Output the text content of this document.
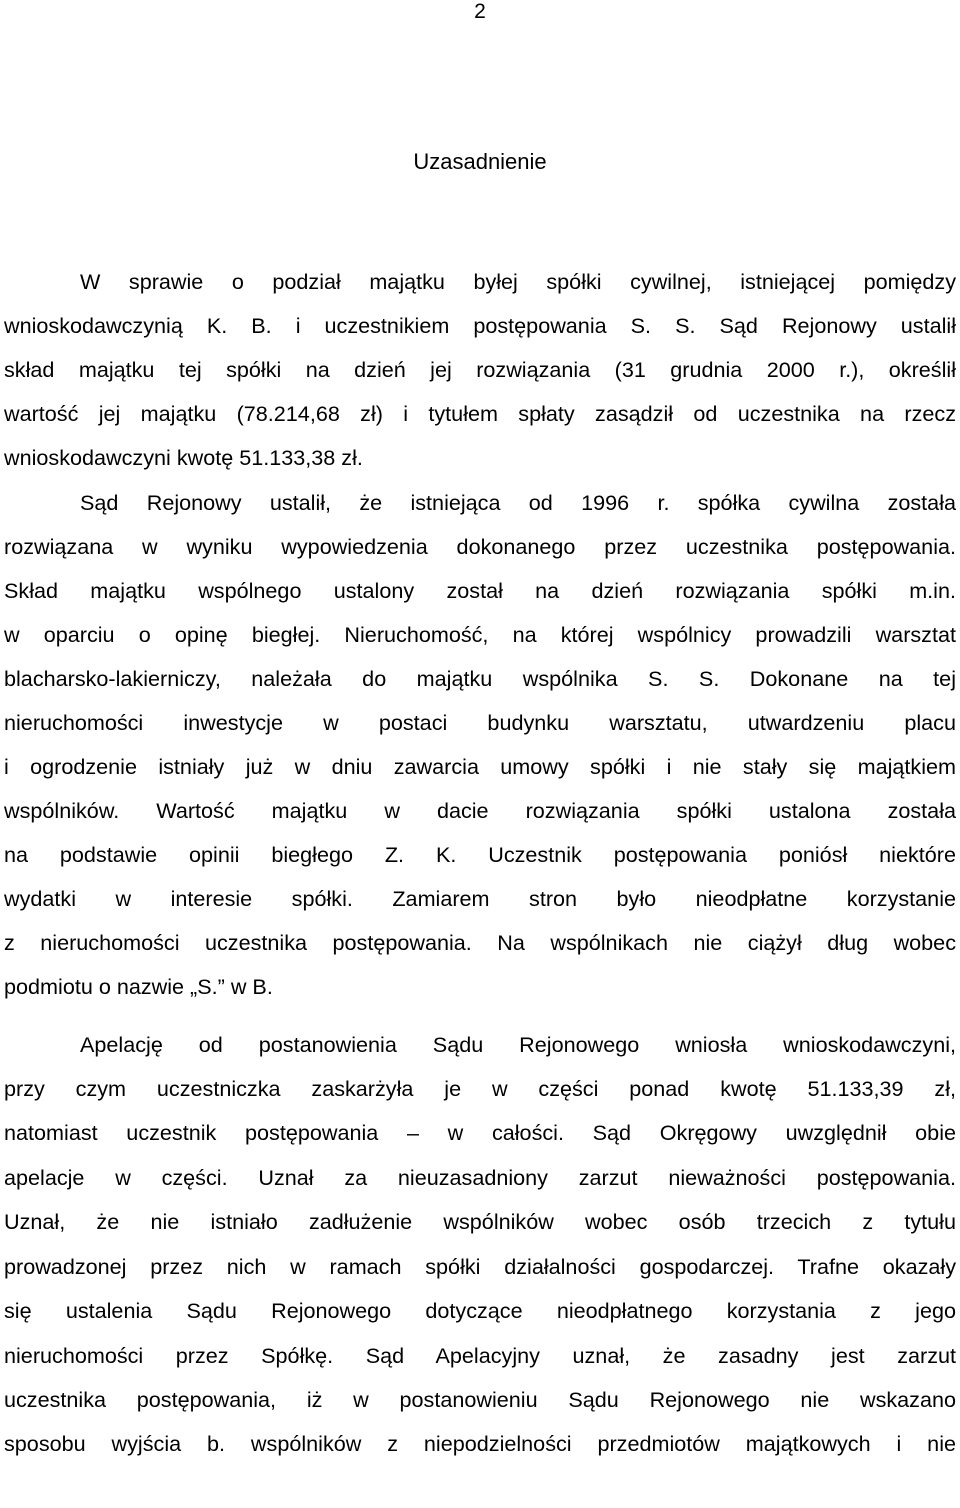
2
Uzasadnienie
W sprawie o podział majątku byłej spółki cywilnej, istniejącej pomiędzy
wnioskodawczynią K. B. i uczestnikiem postępowania S. S. Sąd Rejonowy ustalił
skład majątku tej spółki na dzień jej rozwiązania (31 grudnia 2000 r.), określił
wartość jej majątku (78.214,68 zł) i tytułem spłaty zasądził od uczestnika na rzecz
wnioskodawczyni kwotę 51.133,38 zł.
Sąd Rejonowy ustalił, że istniejąca od 1996 r. spółka cywilna została
rozwiązana w wyniku wypowiedzenia dokonanego przez uczestnika postępowania.
Skład majątku wspólnego ustalony został na dzień rozwiązania spółki m.in.
w oparciu o opinę biegłej. Nieruchomość, na której wspólnicy prowadzili warsztat
blacharsko-lakierniczy, należała do majątku wspólnika S. S. Dokonane na tej
nieruchomości inwestycje w postaci budynku warsztatu, utwardzeniu placu
i ogrodzenie istniały już w dniu zawarcia umowy spółki i nie stały się majątkiem
wspólników. Wartość majątku w dacie rozwiązania spółki ustalona została
na podstawie opinii biegłego Z. K. Uczestnik postępowania poniósł niektóre
wydatki w interesie spółki. Zamiarem stron było nieodpłatne korzystanie
z nieruchomości uczestnika postępowania. Na wspólnikach nie ciążył dług wobec
podmiotu o nazwie „S.” w B.
Apelację od postanowienia Sądu Rejonowego wniosła wnioskodawczyni,
przy czym uczestniczka zaskarżyła je w części ponad kwotę 51.133,39 zł,
natomiast uczestnik postępowania – w całości. Sąd Okręgowy uwzględnił obie
apelacje w części. Uznał za nieuzasadniony zarzut nieważności postępowania.
Uznał, że nie istniało zadłużenie wspólników wobec osób trzecich z tytułu
prowadzonej przez nich w ramach spółki działalności gospodarczej. Trafne okazały
się ustalenia Sądu Rejonowego dotyczące nieodpłatnego korzystania z jego
nieruchomości przez Spółkę. Sąd Apelacyjny uznał, że zasadny jest zarzut
uczestnika postępowania, iż w postanowieniu Sądu Rejonowego nie wskazano
sposobu wyjścia b. wspólników z niepodzielności przedmiotów majątkowych i nie
